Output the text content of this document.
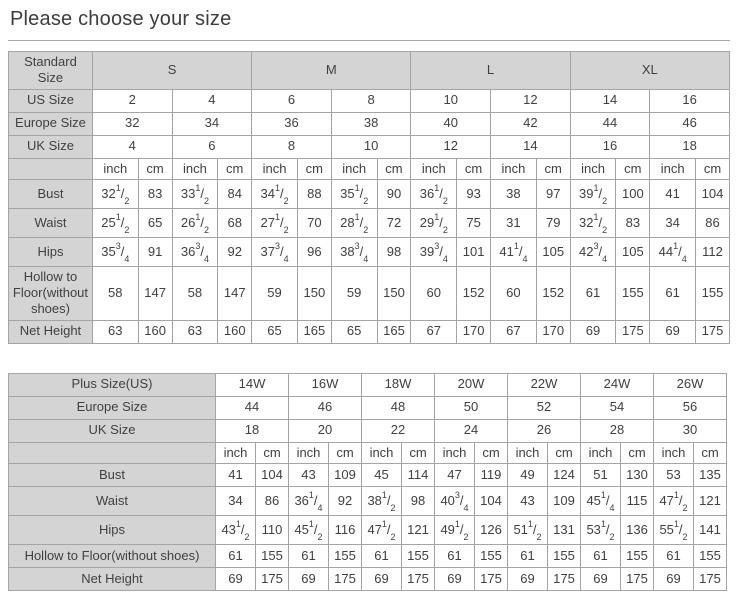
Please choose your size
Standard Size	S				M				L				XL			
US Size	2		4		6		8		10		12		14		16	
Europe Size	32		34		36		38		40		42		44		46	
UK Size	4		6		8		10		12		14		16		18	
	inch	cm	inch	cm	inch	cm	inch	cm	inch	cm	inch	cm	inch	cm	inch	cm
Bust	$32^1/_2$	83	$33^1/_2$	84	$34^1/_2$	88	$35^1/_2$	90	$36^1/_2$	93	38	97	$39^1/_2$	100	41	104
Waist	$25^1/_2$	65	$26^1/_2$	68	$27^1/_2$	70	$28^1/_2$	72	$29^1/_2$	75	31	79	$32^1/_2$	83	34	86
Hips	$35^3/_4$	91	$36^3/_4$	92	$37^3/_4$	96	$38^3/_4$	98	$39^3/_4$	101	$41^1/_4$	105	$42^3/_4$	105	$44^1/_4$	112
Hollow to Floor(without shoes)	58	147	58	147	59	150	59	150	60	152	60	152	61	155	61	155
Net Height	63	160	63	160	65	165	65	165	67	170	67	170	69	175	69	175
Plus Size(US)	14W		16W		18W		20W		22W		24W		26W	
Europe Size	44		46		48		50		52		54		56	
UK Size	18		20		22		24		26		28		30	
	inch	cm	inch	cm	inch	cm	inch	cm	inch	cm	inch	cm	inch	cm
Bust	41	104	43	109	45	114	47	119	49	124	51	130	53	135
Waist	34	86	$36^1/_4$	92	$38^1/_2$	98	$40^3/_4$	104	43	109	$45^1/_4$	115	$47^1/_2$	121
Hips	$43^1/_2$	110	$45^1/_2$	116	$47^1/_2$	121	$49^1/_2$	126	$51^1/_2$	131	$53^1/_2$	136	$55^1/_2$	141
Hollow to Floor(without shoes)	61	155	61	155	61	155	61	155	61	155	61	155	61	155
Net Height	69	175	69	175	69	175	69	175	69	175	69	175	69	175
